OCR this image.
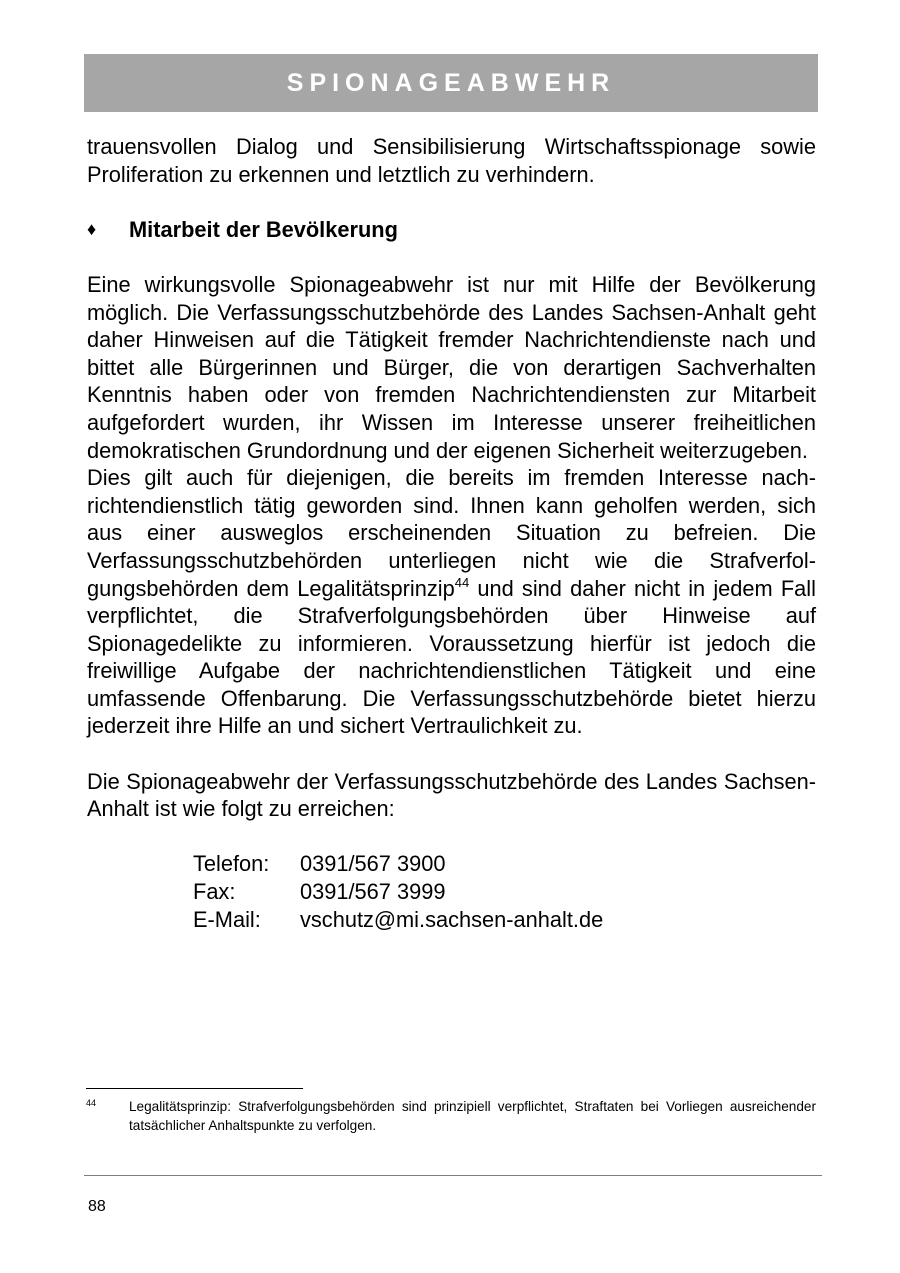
SPIONAGEABWEHR

trauensvollen Dialog und Sensibilisierung Wirtschaftsspionage sowie Proliferation zu erkennen und letztlich zu verhindern.

♦	Mitarbeit der Bevölkerung

Eine wirkungsvolle Spionageabwehr ist nur mit Hilfe der Bevölkerung möglich. Die Verfassungsschutzbehörde des Landes Sachsen-Anhalt geht daher Hinweisen auf die Tätigkeit fremder Nachrichtendienste nach und bittet alle Bürgerinnen und Bürger, die von derartigen Sachverhalten Kenntnis haben oder von fremden Nachrichtendiensten zur Mitarbeit aufgefordert wurden, ihr Wissen im Interesse unserer freiheitlichen demokratischen Grundordnung und der eigenen Sicherheit weiterzugeben.

Dies gilt auch für diejenigen, die bereits im fremden Interesse nachrichtendienstlich tätig geworden sind. Ihnen kann geholfen werden, sich aus einer ausweglos erscheinenden Situation zu befreien. Die Verfassungsschutzbehörden unterliegen nicht wie die Strafverfolgungsbehörden dem Legalitätsprinzip$^{44}$ und sind daher nicht in jedem Fall verpflichtet, die Strafverfolgungsbehörden über Hinweise auf Spionagedelikte zu informieren. Voraussetzung hierfür ist jedoch die freiwillige Aufgabe der nachrichtendienstlichen Tätigkeit und eine umfassende Offenbarung. Die Verfassungsschutzbehörde bietet hierzu jederzeit ihre Hilfe an und sichert Vertraulichkeit zu.

Die Spionageabwehr der Verfassungsschutzbehörde des Landes Sachsen-Anhalt ist wie folgt zu erreichen:

Telefon:	0391/567 3900
Fax:	0391/567 3999
E-Mail:	vschutz@mi.sachsen-anhalt.de
44	Legalitätsprinzip: Strafverfolgungsbehörden sind prinzipiell verpflichtet, Straftaten bei Vorliegen ausreichender tatsächlicher Anhaltspunkte zu verfolgen.
88
